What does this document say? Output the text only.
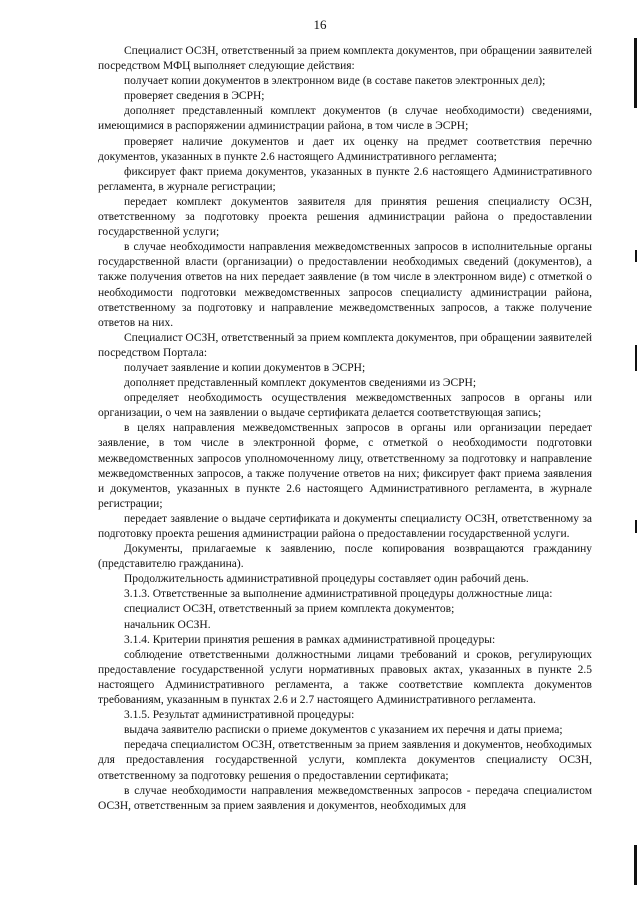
16

Специалист ОСЗН, ответственный за прием комплекта документов, при обращении заявителей посредством МФЦ выполняет следующие действия:

получает копии документов в электронном виде (в составе пакетов электронных дел);

проверяет сведения в ЭСРН;

дополняет представленный комплект документов (в случае необходимости) сведениями, имеющимися в распоряжении администрации района, в том числе в ЭСРН;

проверяет наличие документов и дает их оценку на предмет соответствия перечню документов, указанных в пункте 2.6 настоящего Административного регламента;

фиксирует факт приема документов, указанных в пункте 2.6 настоящего Административного регламента, в журнале регистрации;

передает комплект документов заявителя для принятия решения специалисту ОСЗН, ответственному за подготовку проекта решения администрации района о предоставлении государственной услуги;

в случае необходимости направления межведомственных запросов в исполнительные органы государственной власти (организации) о предоставлении необходимых сведений (документов), а также получения ответов на них передает заявление (в том числе в электронном виде) с отметкой о необходимости подготовки межведомственных запросов специалисту администрации района, ответственному за подготовку и направление межведомственных запросов, а также получение ответов на них.

Специалист ОСЗН, ответственный за прием комплекта документов, при обращении заявителей посредством Портала:

получает заявление и копии документов в ЭСРН;

дополняет представленный комплект документов сведениями из ЭСРН;

определяет необходимость осуществления межведомственных запросов в органы или организации, о чем на заявлении о выдаче сертификата делается соответствующая запись;

в целях направления межведомственных запросов в органы или организации передает заявление, в том числе в электронной форме, с отметкой о необходимости подготовки межведомственных запросов уполномоченному лицу, ответственному за подготовку и направление межведомственных запросов, а также получение ответов на них; фиксирует факт приема заявления и документов, указанных в пункте 2.6 настоящего Административного регламента, в журнале регистрации;

передает заявление о выдаче сертификата и документы специалисту ОСЗН, ответственному за подготовку проекта решения администрации района о предоставлении государственной услуги.

Документы, прилагаемые к заявлению, после копирования возвращаются гражданину (представителю гражданина).

Продолжительность административной процедуры составляет один рабочий день.

3.1.3. Ответственные за выполнение административной процедуры должностные лица:

специалист ОСЗН, ответственный за прием комплекта документов;

начальник ОСЗН.

3.1.4. Критерии принятия решения в рамках административной процедуры:

соблюдение ответственными должностными лицами требований и сроков, регулирующих предоставление государственной услуги нормативных правовых актах, указанных в пункте 2.5 настоящего Административного регламента, а также соответствие комплекта документов требованиям, указанным в пунктах 2.6 и 2.7 настоящего Административного регламента.

3.1.5. Результат административной процедуры:

выдача заявителю расписки о приеме документов с указанием их перечня и даты приема;

передача специалистом ОСЗН, ответственным за прием заявления и документов, необходимых для предоставления государственной услуги, комплекта документов специалисту ОСЗН, ответственному за подготовку решения о предоставлении сертификата;

в случае необходимости направления межведомственных запросов - передача специалистом ОСЗН, ответственным за прием заявления и документов, необходимых для
